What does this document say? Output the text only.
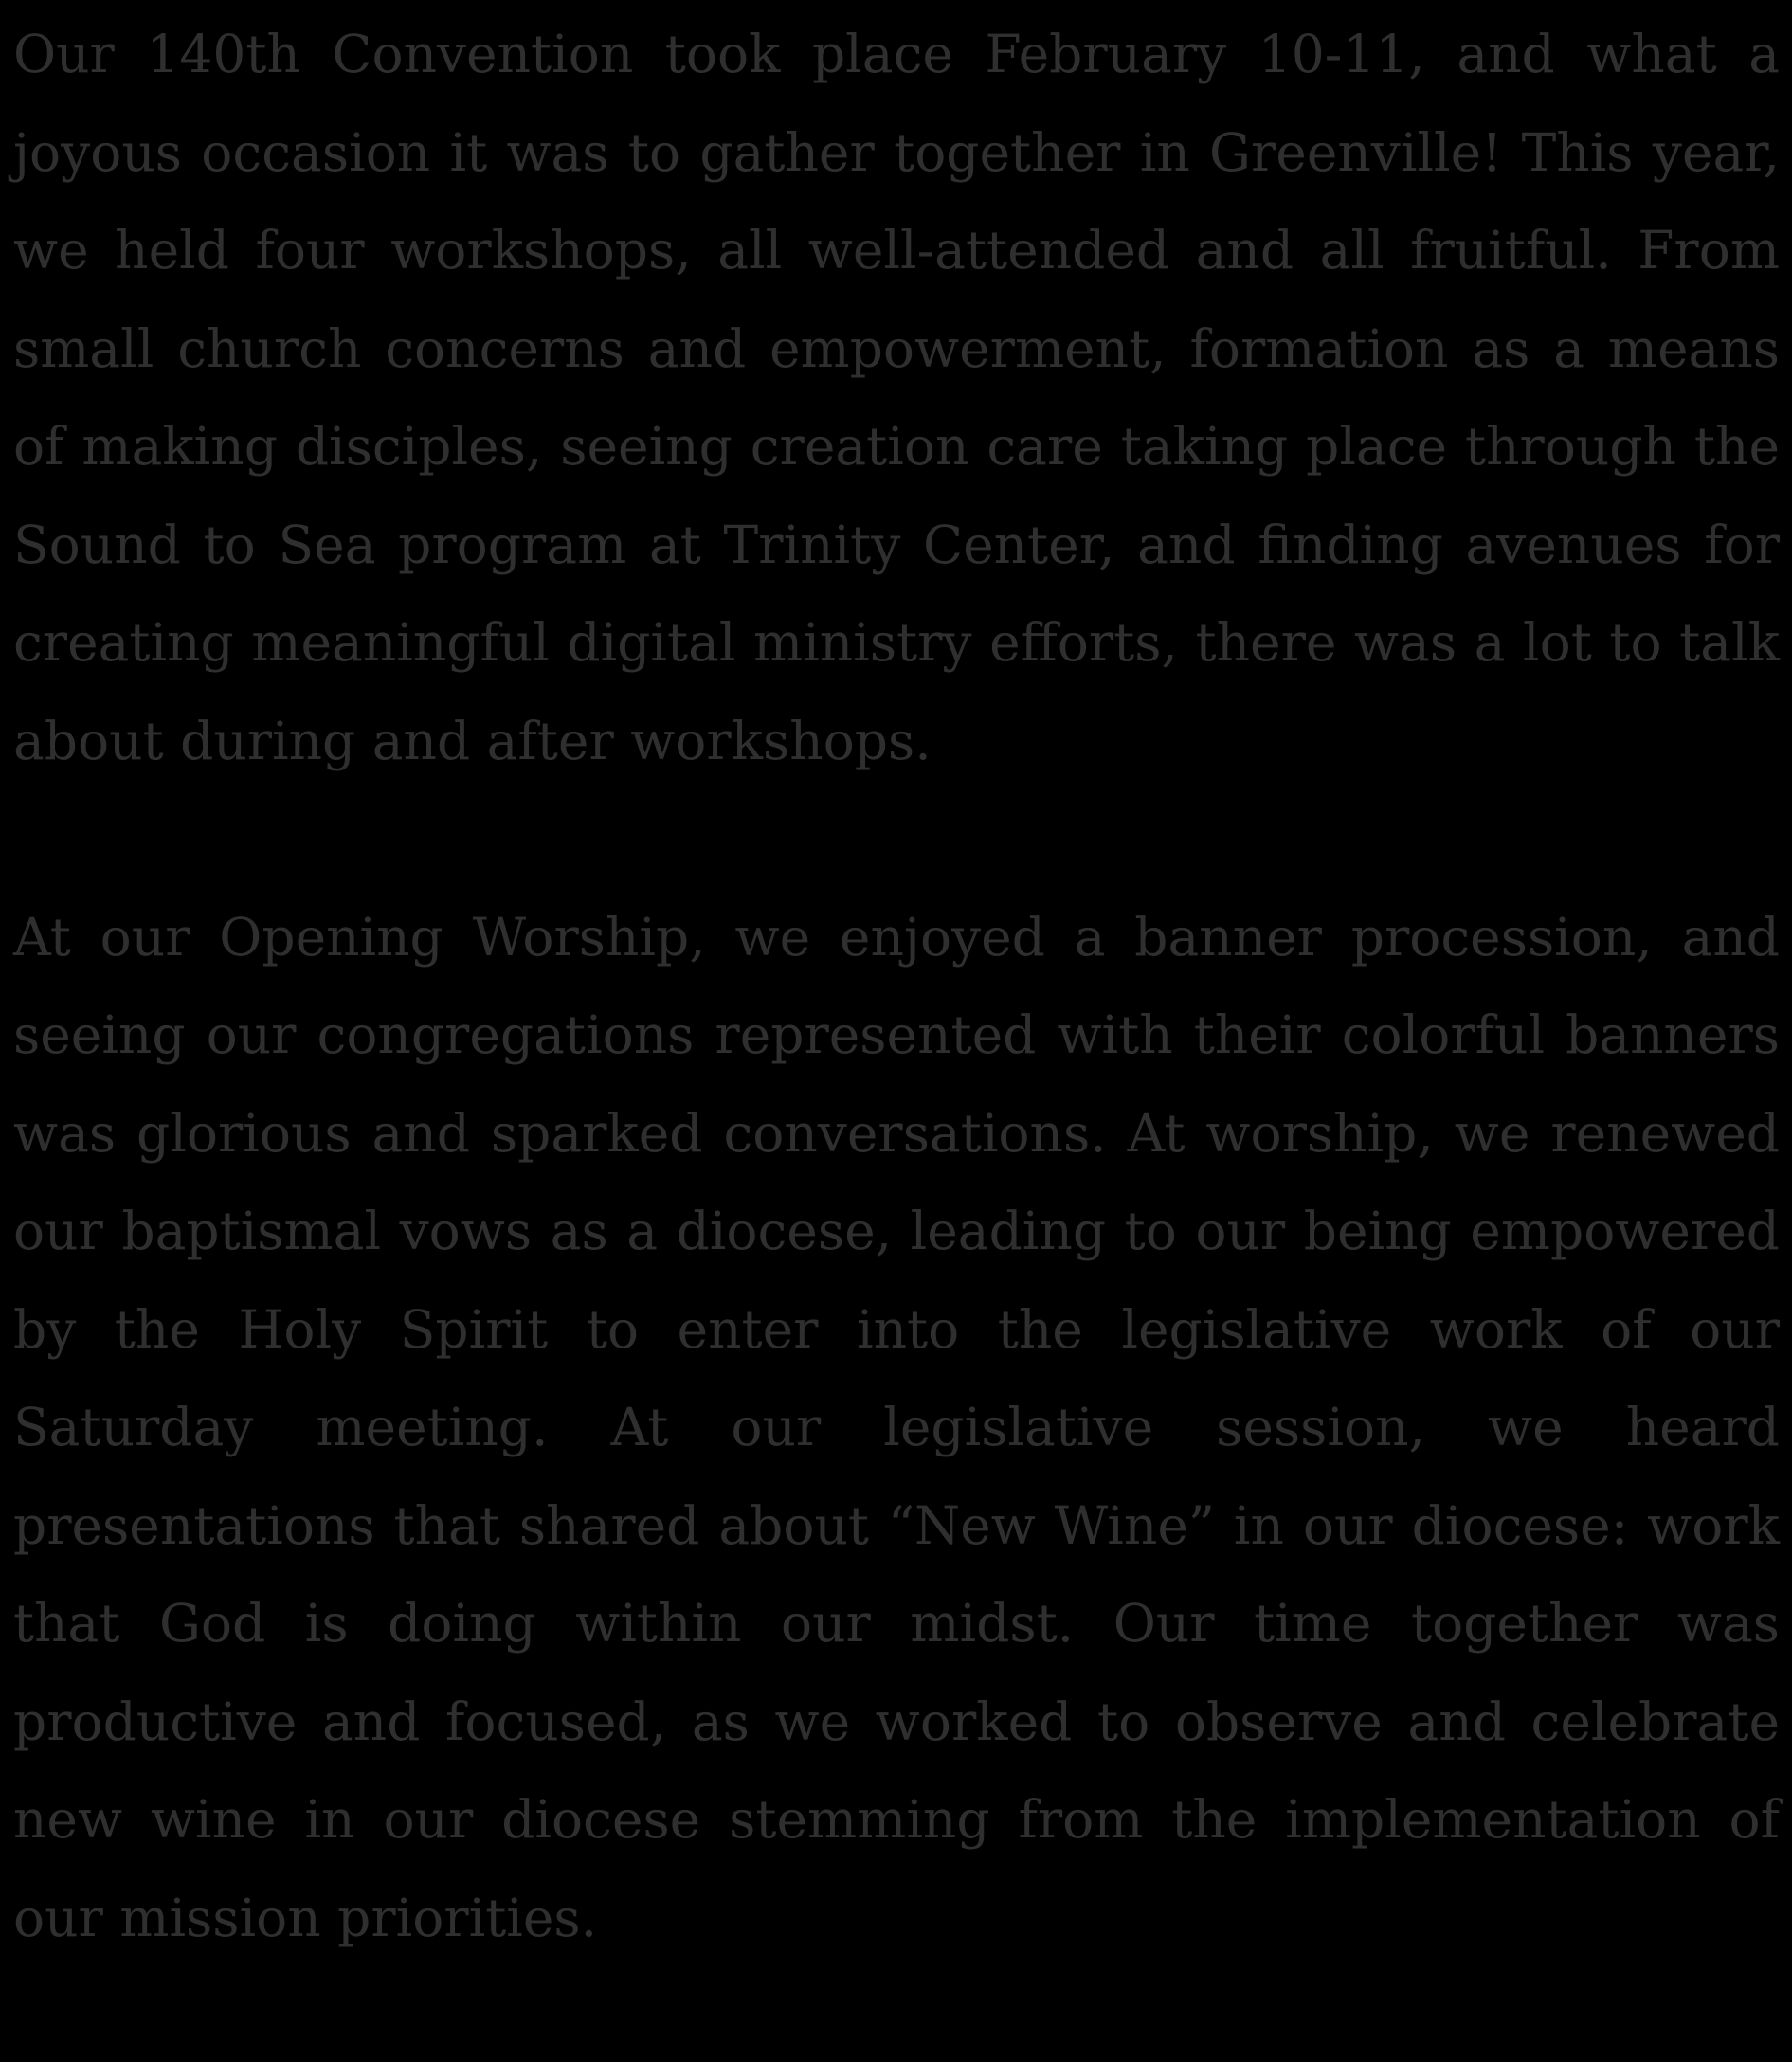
Our 140th Convention took place February 10-11, and what a joyous occasion it was to gather together in Greenville! This year, we held four workshops, all well-attended and all fruitful. From small church concerns and empowerment, formation as a means of making disciples, seeing creation care taking place through the Sound to Sea program at Trinity Center, and finding avenues for creating meaningful digital ministry efforts, there was a lot to talk about during and after workshops.

At our Opening Worship, we enjoyed a banner procession, and seeing our congregations represented with their colorful banners was glorious and sparked conversations. At worship, we renewed our baptismal vows as a diocese, leading to our being empowered by the Holy Spirit to enter into the legislative work of our Saturday meeting. At our legislative session, we heard presentations that shared about “New Wine” in our diocese: work that God is doing within our midst. Our time together was productive and focused, as we worked to observe and celebrate new wine in our diocese stemming from the implementation of our mission priorities.
